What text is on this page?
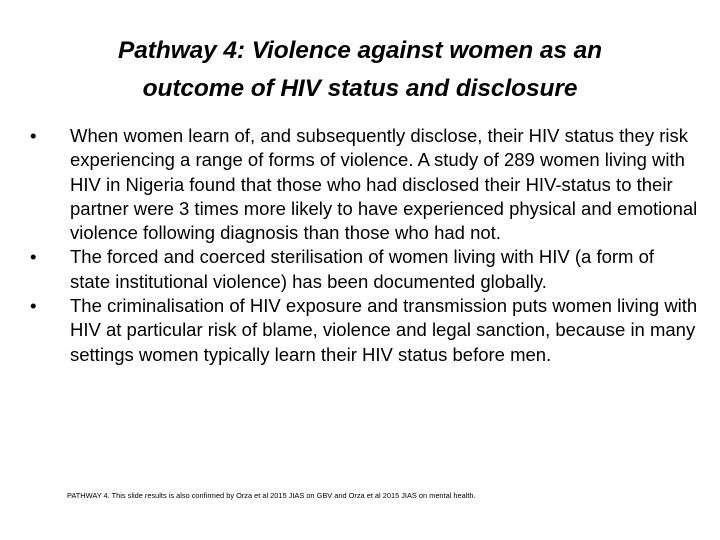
Pathway 4: Violence against women as an
outcome of HIV status and disclosure
•	When women learn of, and subsequently disclose, their HIV status they risk experiencing a range of forms of violence. A study of 289 women living with HIV in Nigeria found that those who had disclosed their HIV-status to their partner were 3 times more likely to have experienced physical and emotional violence following diagnosis than those who had not.
•	The forced and coerced sterilisation of women living with HIV (a form of state institutional violence) has been documented globally.
•	The criminalisation of HIV exposure and transmission puts women living with HIV at particular risk of blame, violence and legal sanction, because in many settings women typically learn their HIV status before men.
PATHWAY 4. This slide results is also confirmed by Orza et al 2015 JIAS on GBV and Orza et al 2015 JIAS on mental health.
